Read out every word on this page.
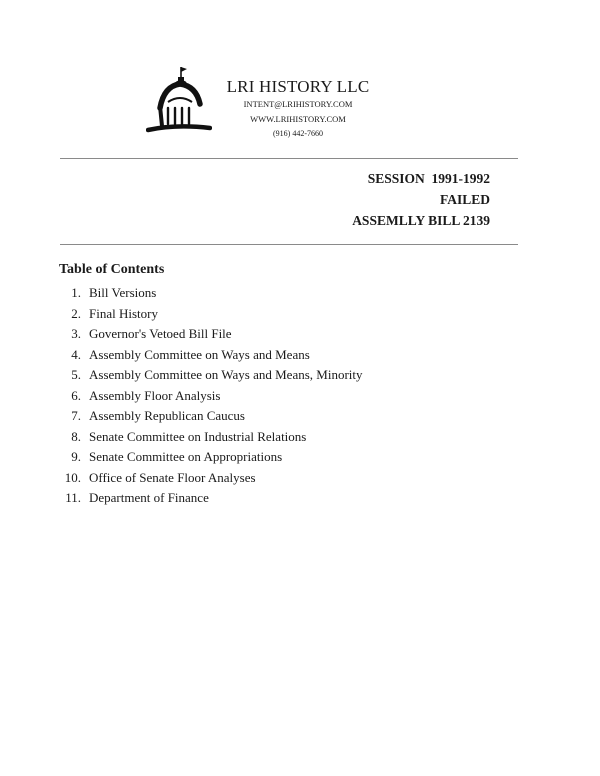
LRI HISTORY LLC
INTENT@LRIHISTORY.COM
WWW.LRIHISTORY.COM
(916) 442-7660
SESSION  1991-1992
FAILED
ASSEMLLY BILL 2139
Table of Contents
1. Bill Versions
2. Final History
3. Governor's Vetoed Bill File
4. Assembly Committee on Ways and Means
5. Assembly Committee on Ways and Means, Minority
6. Assembly Floor Analysis
7. Assembly Republican Caucus
8. Senate Committee on Industrial Relations
9. Senate Committee on Appropriations
10. Office of Senate Floor Analyses
11. Department of Finance
